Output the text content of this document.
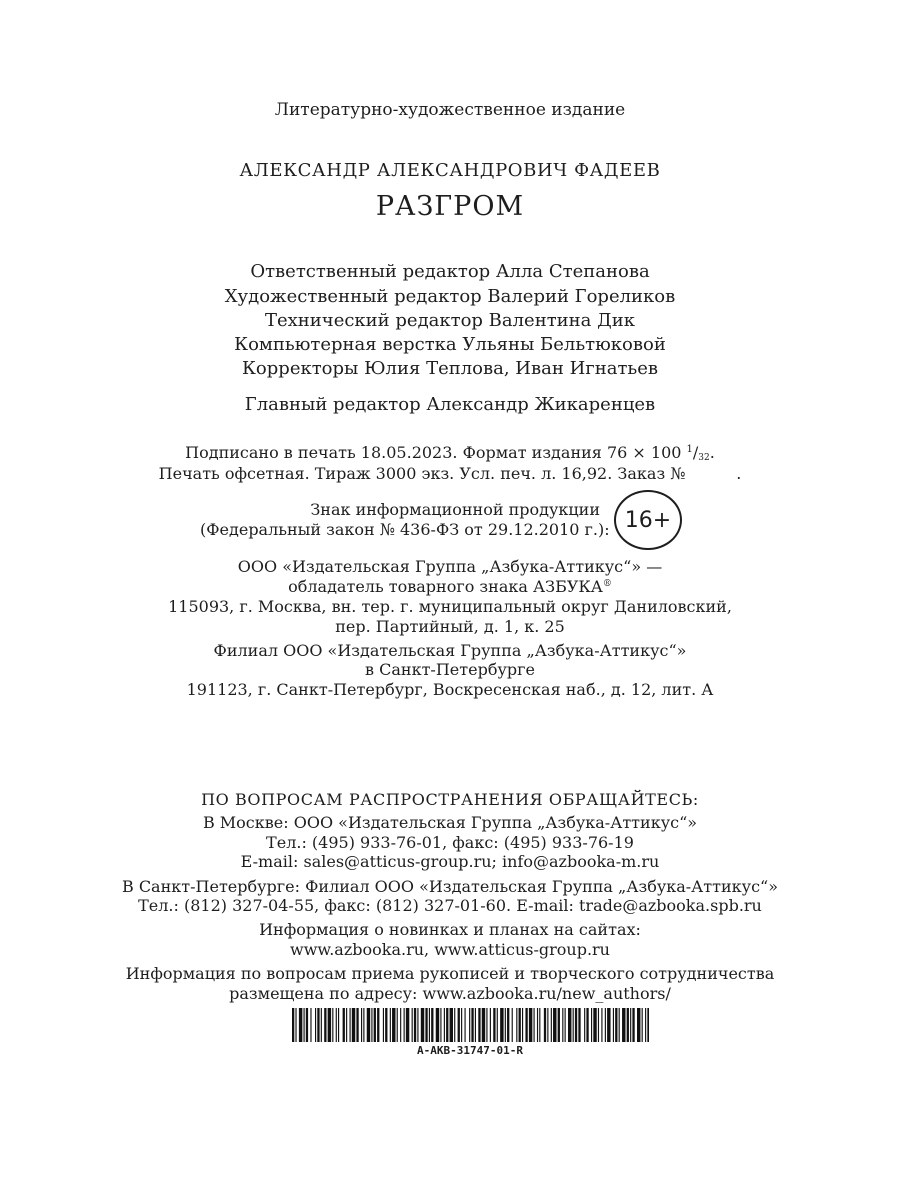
Литературно-художественное издание
АЛЕКСАНДР АЛЕКСАНДРОВИЧ ФАДЕЕВ
РАЗГРОМ
Ответственный редактор Алла Степанова
Художественный редактор Валерий Гореликов
Технический редактор Валентина Дик
Компьютерная верстка Ульяны Бельтюковой
Корректоры Юлия Теплова, Иван Игнатьев
Главный редактор Александр Жикаренцев
Подписано в печать 18.05.2023. Формат издания 76 × 100 $^1$/32.
Печать офсетная. Тираж 3000 экз. Усл. печ. л. 16,92. Заказ №          .
Знак информационной продукции
(Федеральный закон № 436-ФЗ от 29.12.2010 г.): 16+
ООО «Издательская Группа „Азбука-Аттикус“» —
обладатель товарного знака АЗБУКА®
115093, г. Москва, вн. тер. г. муниципальный округ Даниловский,
пер. Партийный, д. 1, к. 25
Филиал ООО «Издательская Группа „Азбука-Аттикус“»
в Санкт-Петербурге
191123, г. Санкт-Петербург, Воскресенская наб., д. 12, лит. А
ПО ВОПРОСАМ РАСПРОСТРАНЕНИЯ ОБРАЩАЙТЕСЬ:
В Москве: ООО «Издательская Группа „Азбука-Аттикус“»
Тел.: (495) 933-76-01, факс: (495) 933-76-19
E-mail: sales@atticus-group.ru; info@azbooka-m.ru
В Санкт-Петербурге: Филиал ООО «Издательская Группа „Азбука-Аттикус“»
Тел.: (812) 327-04-55, факс: (812) 327-01-60. E-mail: trade@azbooka.spb.ru
Информация о новинках и планах на сайтах:
www.azbooka.ru, www.atticus-group.ru
Информация по вопросам приема рукописей и творческого сотрудничества
размещена по адресу: www.azbooka.ru/new_authors/
A-AKB-31747-01-R
